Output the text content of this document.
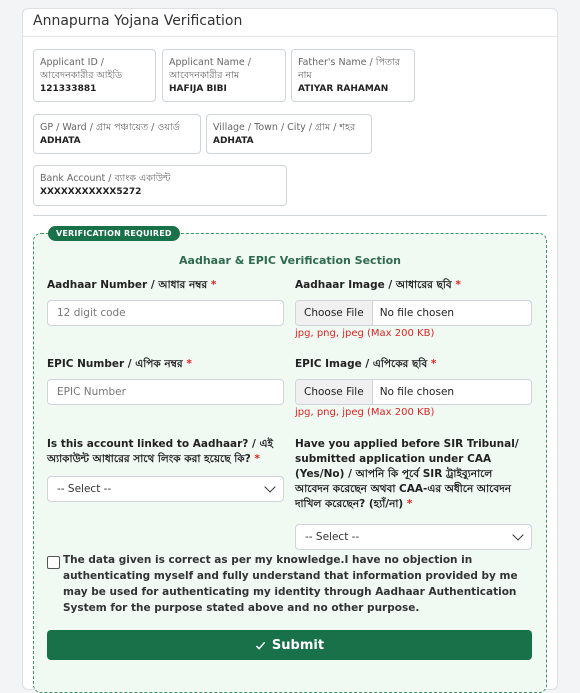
Annapurna Yojana Verification
Applicant ID / আবেদনকারীর আইডি
121333881
Applicant Name / আবেদনকারীর নাম
HAFIJA BIBI
Father's Name / পিতার নাম
ATIYAR RAHAMAN
GP / Ward / গ্রাম পঞ্চায়েত / ওয়ার্ড
ADHATA
Village / Town / City / গ্রাম / শহর
ADHATA
Bank Account / ব্যাংক একাউন্ট
XXXXXXXXXXX5272
VERIFICATION REQUIRED
Aadhaar & EPIC Verification Section
Aadhaar Number / আধার নম্বর *
12 digit code	Aadhaar Image / আধারের ছবি *
Choose File	No file chosen
jpg, png, jpeg (Max 200 KB)
EPIC Number / এপিক নম্বর *
EPIC Number	EPIC Image / এপিকের ছবি *
Choose File	No file chosen
jpg, png, jpeg (Max 200 KB)
Is this account linked to Aadhaar? / এই অ্যাকাউন্ট আধারের সাথে লিংক করা হয়েছে কি? *
-- Select --
Have you applied before SIR Tribunal/ submitted application under CAA (Yes/No) / আপনি কি পূর্বে SIR ট্রাইব্যুনালে আবেদন করেছেন অথবা CAA-এর অধীনে আবেদন দাখিল করেছেন? (হ্যাঁ/না) *
-- Select --
The data given is correct as per my knowledge.I have no objection in authenticating myself and fully understand that information provided by me may be used for authenticating my identity through Aadhaar Authentication System for the purpose stated above and no other purpose.
Submit
